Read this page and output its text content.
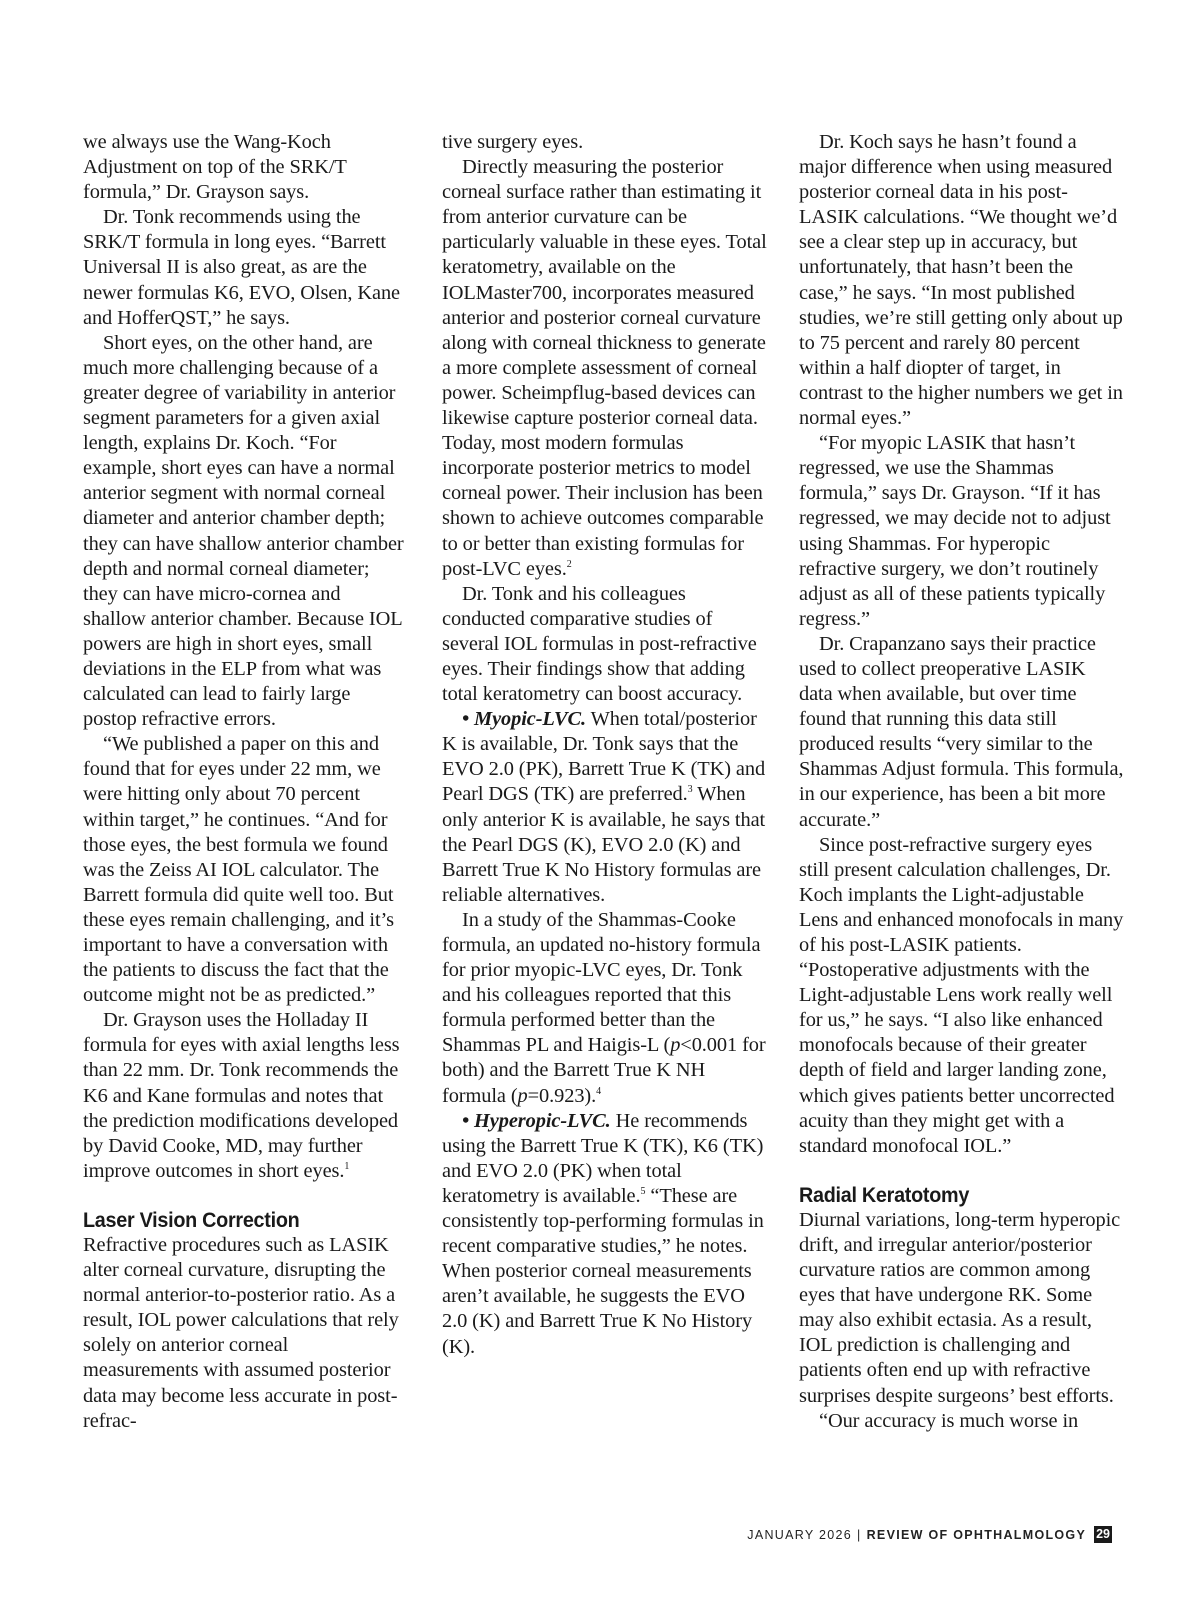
we always use the Wang-Koch Adjustment on top of the SRK/T formula,” Dr. Grayson says.

Dr. Tonk recommends using the SRK/T formula in long eyes. “Barrett Universal II is also great, as are the newer formulas K6, EVO, Olsen, Kane and HofferQST,” he says.

Short eyes, on the other hand, are much more challenging because of a greater degree of variability in anterior segment parameters for a given axial length, explains Dr. Koch. “For example, short eyes can have a normal anterior segment with normal corneal diameter and anterior chamber depth; they can have shallow anterior chamber depth and normal corneal diameter; they can have micro-cornea and shallow anterior chamber. Because IOL powers are high in short eyes, small deviations in the ELP from what was calculated can lead to fairly large postop refractive errors.

“We published a paper on this and found that for eyes under 22 mm, we were hitting only about 70 percent within target,” he continues. “And for those eyes, the best formula we found was the Zeiss AI IOL calculator. The Barrett formula did quite well too. But these eyes remain challenging, and it’s important to have a conversation with the patients to discuss the fact that the outcome might not be as predicted.”

Dr. Grayson uses the Holladay II formula for eyes with axial lengths less than 22 mm. Dr. Tonk recommends the K6 and Kane formulas and notes that the prediction modifications developed by David Cooke, MD, may further improve outcomes in short eyes.$^1$

Laser Vision Correction

Refractive procedures such as LASIK alter corneal curvature, disrupting the normal anterior-to-posterior ratio. As a result, IOL power calculations that rely solely on anterior corneal measurements with assumed posterior data may become less accurate in post-refrac-

tive surgery eyes.

Directly measuring the posterior corneal surface rather than estimating it from anterior curvature can be particularly valuable in these eyes. Total keratometry, available on the IOLMaster700, incorporates measured anterior and posterior corneal curvature along with corneal thickness to generate a more complete assessment of corneal power. Scheimpflug-based devices can likewise capture posterior corneal data. Today, most modern formulas incorporate posterior metrics to model corneal power. Their inclusion has been shown to achieve outcomes comparable to or better than existing formulas for post-LVC eyes.$^2$

Dr. Tonk and his colleagues conducted comparative studies of several IOL formulas in post-refractive eyes. Their findings show that adding total keratometry can boost accuracy.

• Myopic-LVC. When total/posterior K is available, Dr. Tonk says that the EVO 2.0 (PK), Barrett True K (TK) and Pearl DGS (TK) are preferred.$^3$ When only anterior K is available, he says that the Pearl DGS (K), EVO 2.0 (K) and Barrett True K No History formulas are reliable alternatives.

In a study of the Shammas-Cooke formula, an updated no-history formula for prior myopic-LVC eyes, Dr. Tonk and his colleagues reported that this formula performed better than the Shammas PL and Haigis-L (p<0.001 for both) and the Barrett True K NH formula (p=0.923).$^4$

• Hyperopic-LVC. He recommends using the Barrett True K (TK), K6 (TK) and EVO 2.0 (PK) when total keratometry is available.$^5$ “These are consistently top-performing formulas in recent comparative studies,” he notes. When posterior corneal measurements aren’t available, he suggests the EVO 2.0 (K) and Barrett True K No History (K).

Dr. Koch says he hasn’t found a major difference when using measured posterior corneal data in his post-LASIK calculations. “We thought we’d see a clear step up in accuracy, but unfortunately, that hasn’t been the case,” he says. “In most published studies, we’re still getting only about up to 75 percent and rarely 80 percent within a half diopter of target, in contrast to the higher numbers we get in normal eyes.”

“For myopic LASIK that hasn’t regressed, we use the Shammas formula,” says Dr. Grayson. “If it has regressed, we may decide not to adjust using Shammas. For hyperopic refractive surgery, we don’t routinely adjust as all of these patients typically regress.”

Dr. Crapanzano says their practice used to collect preoperative LASIK data when available, but over time found that running this data still produced results “very similar to the Shammas Adjust formula. This formula, in our experience, has been a bit more accurate.”

Since post-refractive surgery eyes still present calculation challenges, Dr. Koch implants the Light-adjustable Lens and enhanced monofocals in many of his post-LASIK patients. “Postoperative adjustments with the Light-adjustable Lens work really well for us,” he says. “I also like enhanced monofocals because of their greater depth of field and larger landing zone, which gives patients better uncorrected acuity than they might get with a standard monofocal IOL.”

Radial Keratotomy

Diurnal variations, long-term hyperopic drift, and irregular anterior/posterior curvature ratios are common among eyes that have undergone RK. Some may also exhibit ectasia. As a result, IOL prediction is challenging and patients often end up with refractive surprises despite surgeons’ best efforts.

“Our accuracy is much worse in

JANUARY 2026 | REVIEW OF OPHTHALMOLOGY 29
